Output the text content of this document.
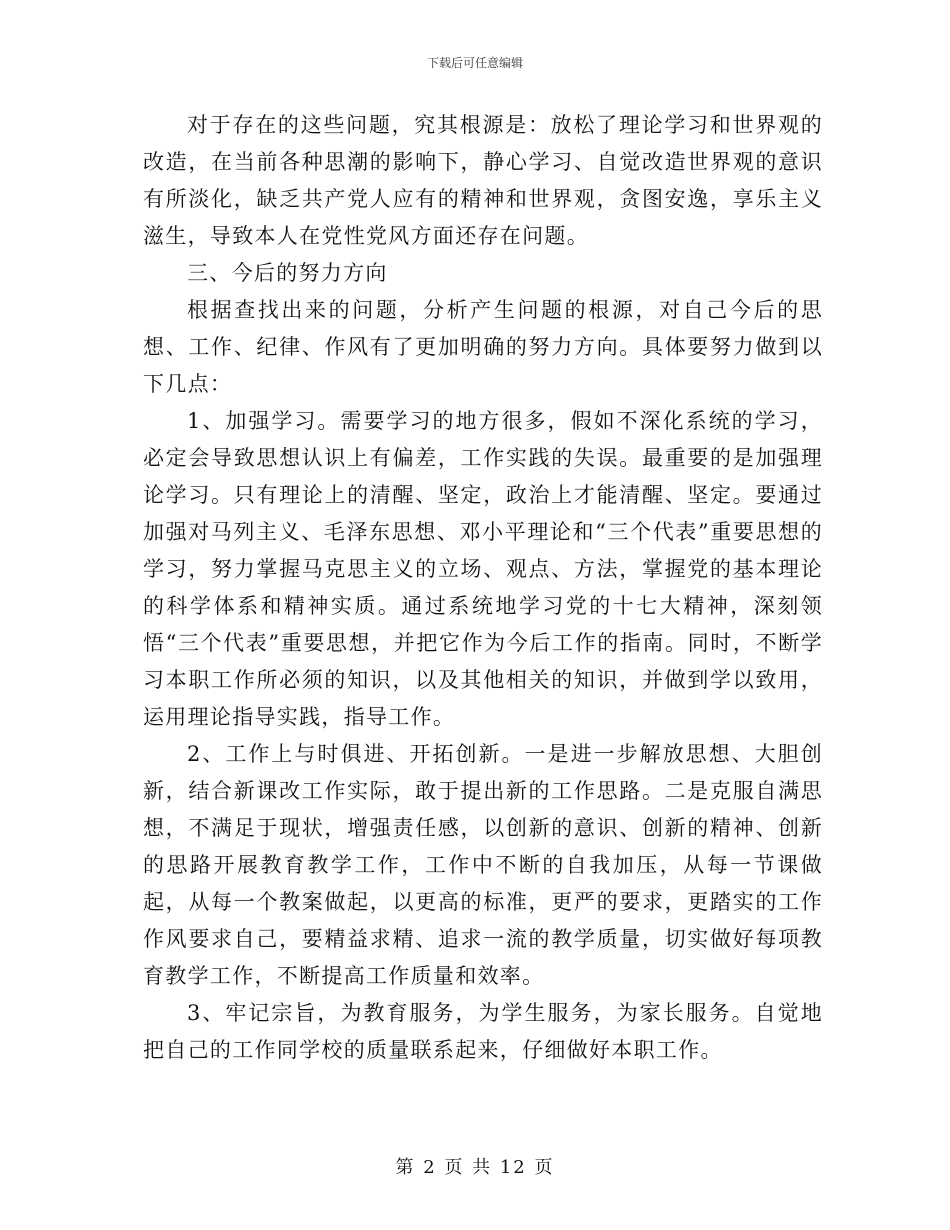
下载后可任意编辑

对于存在的这些问题，究其根源是：放松了理论学习和世界观的改造，在当前各种思潮的影响下，静心学习、自觉改造世界观的意识有所淡化，缺乏共产党人应有的精神和世界观，贪图安逸，享乐主义滋生，导致本人在党性党风方面还存在问题。

三、今后的努力方向

根据查找出来的问题，分析产生问题的根源，对自己今后的思想、工作、纪律、作风有了更加明确的努力方向。具体要努力做到以下几点：

1、加强学习。需要学习的地方很多，假如不深化系统的学习，必定会导致思想认识上有偏差，工作实践的失误。最重要的是加强理论学习。只有理论上的清醒、坚定，政治上才能清醒、坚定。要通过加强对马列主义、毛泽东思想、邓小平理论和“三个代表”重要思想的学习，努力掌握马克思主义的立场、观点、方法，掌握党的基本理论的科学体系和精神实质。通过系统地学习党的十七大精神，深刻领悟“三个代表”重要思想，并把它作为今后工作的指南。同时，不断学习本职工作所必须的知识，以及其他相关的知识，并做到学以致用，运用理论指导实践，指导工作。

2、工作上与时俱进、开拓创新。一是进一步解放思想、大胆创新，结合新课改工作实际，敢于提出新的工作思路。二是克服自满思想，不满足于现状，增强责任感，以创新的意识、创新的精神、创新的思路开展教育教学工作，工作中不断的自我加压，从每一节课做起，从每一个教案做起，以更高的标准，更严的要求，更踏实的工作作风要求自己，要精益求精、追求一流的教学质量，切实做好每项教育教学工作，不断提高工作质量和效率。

3、牢记宗旨，为教育服务，为学生服务，为家长服务。自觉地把自己的工作同学校的质量联系起来，仔细做好本职工作。

第 2 页 共 12 页
